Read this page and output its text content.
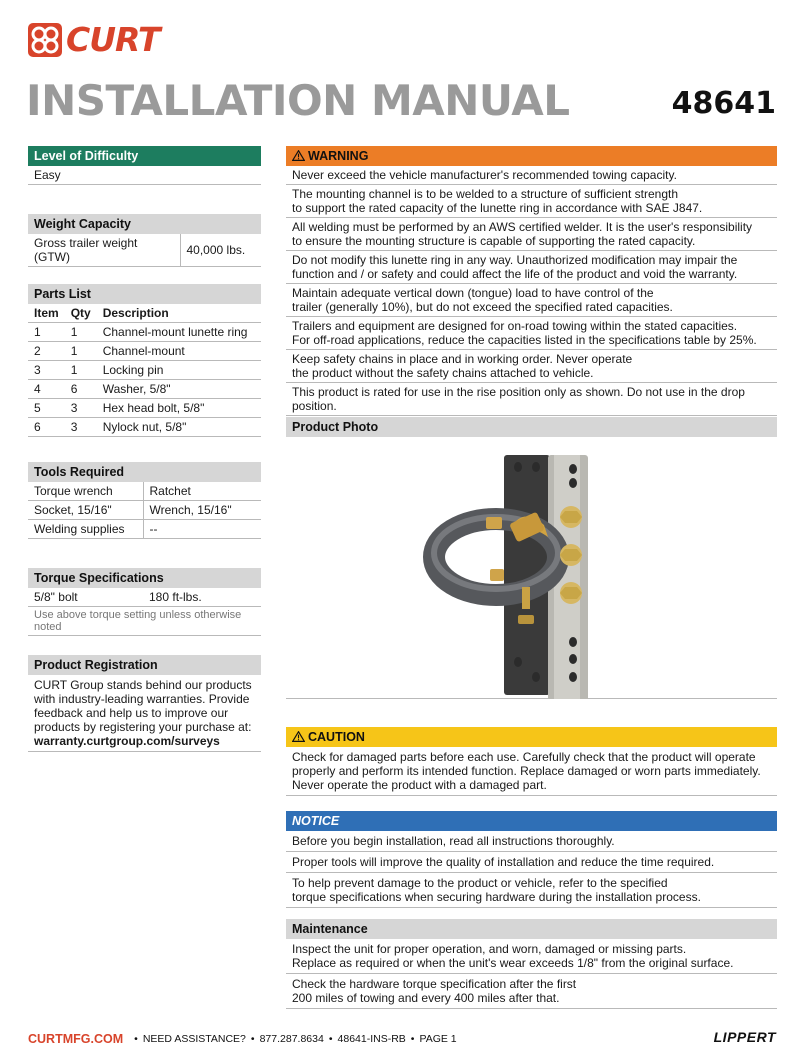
CURT
INSTALLATION MANUAL	48641
Level of Difficulty
Easy
Weight Capacity
Gross trailer weight (GTW)	40,000 lbs.
Parts List
Item	Qty	Description
1	1	Channel-mount lunette ring
2	1	Channel-mount
3	1	Locking pin
4	6	Washer, 5/8"
5	3	Hex head bolt, 5/8"
6	3	Nylock nut, 5/8"
Tools Required
Torque wrench	Ratchet
Socket, 15/16"	Wrench, 15/16"
Welding supplies	--
Torque Specifications
5/8" bolt	180 ft-lbs.
Use above torque setting unless otherwise noted
Product Registration
CURT Group stands behind our products with industry-leading warranties. Provide feedback and help us to improve our products by registering your purchase at:
warranty.curtgroup.com/surveys
WARNING
Never exceed the vehicle manufacturer's recommended towing capacity.
The mounting channel is to be welded to a structure of sufficient strength
to support the rated capacity of the lunette ring in accordance with SAE J847.
All welding must be performed by an AWS certified welder. It is the user's responsibility
to ensure the mounting structure is capable of supporting the rated capacity.
Do not modify this lunette ring in any way. Unauthorized modification may impair the
function and / or safety and could affect the life of the product and void the warranty.
Maintain adequate vertical down (tongue) load to have control of the
trailer (generally 10%), but do not exceed the specified rated capacities.
Trailers and equipment are designed for on-road towing within the stated capacities.
For off-road applications, reduce the capacities listed in the specifications table by 25%.
Keep safety chains in place and in working order. Never operate
the product without the safety chains attached to vehicle.
This product is rated for use in the rise position only as shown. Do not use in the drop position.
Product Photo
CAUTION
Check for damaged parts before each use. Carefully check that the product will operate
properly and perform its intended function. Replace damaged or worn parts immediately.
Never operate the product with a damaged part.
NOTICE
Before you begin installation, read all instructions thoroughly.
Proper tools will improve the quality of installation and reduce the time required.
To help prevent damage to the product or vehicle, refer to the specified
torque specifications when securing hardware during the installation process.
Maintenance
Inspect the unit for proper operation, and worn, damaged or missing parts.
Replace as required or when the unit's wear exceeds 1/8" from the original surface.
Check the hardware torque specification after the first
200 miles of towing and every 400 miles after that.
CURTMFG.COM • NEED ASSISTANCE? • 877.287.8634 • 48641-INS-RB • PAGE 1	LIPPERT
